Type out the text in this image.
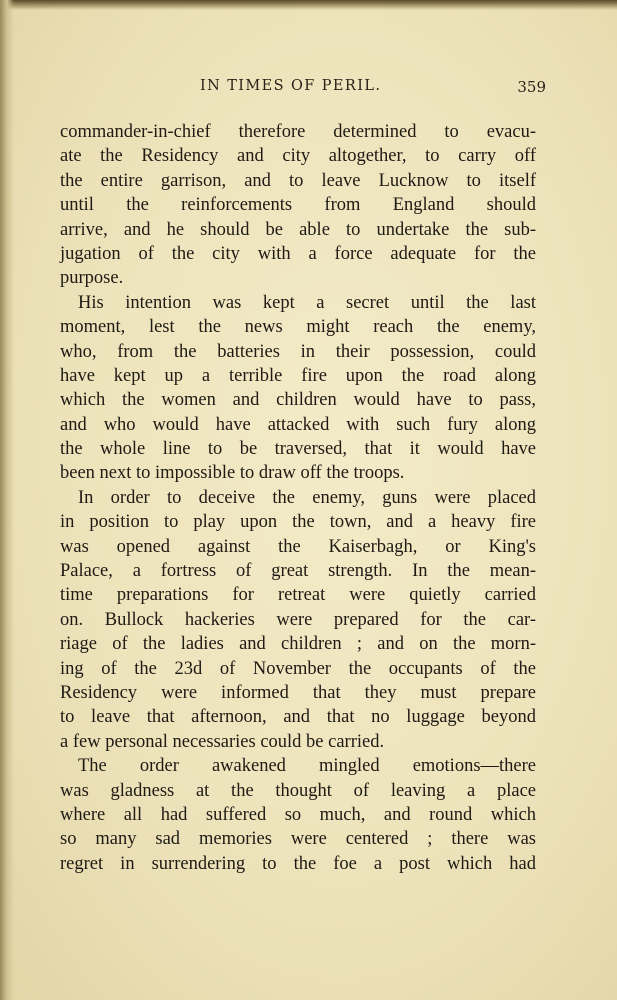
IN TIMES OF PERIL.	359
commander-in-chief therefore determined to evacu-
ate the Residency and city altogether, to carry off
the entire garrison, and to leave Lucknow to itself
until the reinforcements from England should
arrive, and he should be able to undertake the sub-
jugation of the city with a force adequate for the
purpose.
His intention was kept a secret until the last
moment, lest the news might reach the enemy,
who, from the batteries in their possession, could
have kept up a terrible fire upon the road along
which the women and children would have to pass,
and who would have attacked with such fury along
the whole line to be traversed, that it would have
been next to impossible to draw off the troops.
In order to deceive the enemy, guns were placed
in position to play upon the town, and a heavy fire
was opened against the Kaiserbagh, or King's
Palace, a fortress of great strength. In the mean-
time preparations for retreat were quietly carried
on. Bullock hackeries were prepared for the car-
riage of the ladies and children ; and on the morn-
ing of the 23d of November the occupants of the
Residency were informed that they must prepare
to leave that afternoon, and that no luggage beyond
a few personal necessaries could be carried.
The order awakened mingled emotions—there
was gladness at the thought of leaving a place
where all had suffered so much, and round which
so many sad memories were centered ; there was
regret in surrendering to the foe a post which had
